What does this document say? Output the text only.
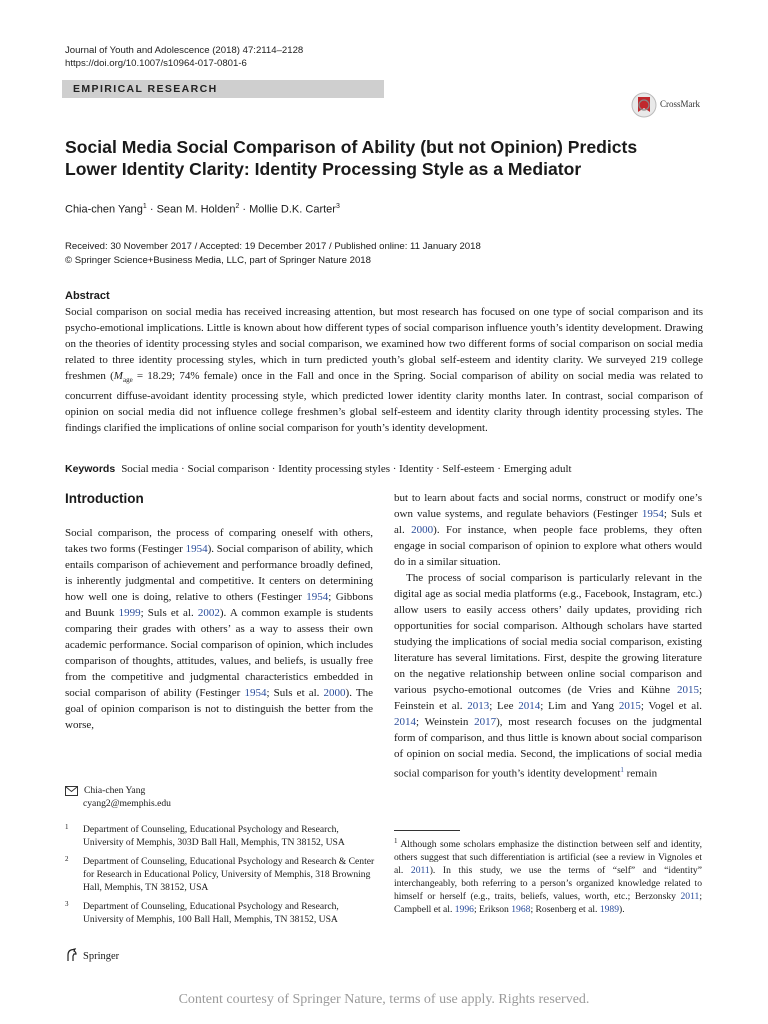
Journal of Youth and Adolescence (2018) 47:2114–2128
https://doi.org/10.1007/s10964-017-0801-6
EMPIRICAL RESEARCH
CrossMark
Social Media Social Comparison of Ability (but not Opinion) Predicts
Lower Identity Clarity: Identity Processing Style as a Mediator
Chia-chen Yang$^1$ · Sean M. Holden$^2$ · Mollie D.K. Carter$^3$
Received: 30 November 2017 / Accepted: 19 December 2017 / Published online: 11 January 2018
© Springer Science+Business Media, LLC, part of Springer Nature 2018
Abstract
Social comparison on social media has received increasing attention, but most research has focused on one type of social comparison and its psycho-emotional implications. Little is known about how different types of social comparison influence youth’s identity development. Drawing on the theories of identity processing styles and social comparison, we examined how two different forms of social comparison on social media related to three identity processing styles, which in turn predicted youth’s global self-esteem and identity clarity. We surveyed 219 college freshmen ($M_{age} = 18.29$; 74% female) once in the Fall and once in the Spring. Social comparison of ability on social media was related to concurrent diffuse-avoidant identity processing style, which predicted lower identity clarity months later. In contrast, social comparison of opinion on social media did not influence college freshmen’s global self-esteem and identity clarity through identity processing styles. The findings clarified the implications of online social comparison for youth’s identity development.
Keywords Social media · Social comparison · Identity processing styles · Identity · Self-esteem · Emerging adult
Introduction

Social comparison, the process of comparing oneself with others, takes two forms (Festinger 1954). Social comparison of ability, which entails comparison of achievement and performance broadly defined, is inherently judgmental and competitive. It centers on determining how well one is doing, relative to others (Festinger 1954; Gibbons and Buunk 1999; Suls et al. 2002). A common example is students comparing their grades with others’ as a way to assess their own academic performance. Social comparison of opinion, which includes comparison of thoughts, attitudes, values, and beliefs, is usually free from the competitive and judgmental characteristics embedded in social comparison of ability (Festinger 1954; Suls et al. 2000). The goal of opinion comparison is not to distinguish the better from the worse,

but to learn about facts and social norms, construct or modify one’s own value systems, and regulate behaviors (Festinger 1954; Suls et al. 2000). For instance, when people face problems, they often engage in social comparison of opinion to explore what others would do in a similar situation.

The process of social comparison is particularly relevant in the digital age as social media platforms (e.g., Facebook, Instagram, etc.) allow users to easily access others’ daily updates, providing rich opportunities for social comparison. Although scholars have started studying the implications of social media social comparison, existing literature has several limitations. First, despite the growing literature on the negative relationship between online social comparison and various psycho-emotional outcomes (de Vries and Kühne 2015; Feinstein et al. 2013; Lee 2014; Lim and Yang 2015; Vogel et al. 2014; Weinstein 2017), most research focuses on the judgmental form of comparison, and thus little is known about social comparison of opinion on social media. Second, the implications of social media social comparison for youth’s identity development$^1$ remain

Chia-chen Yang
cyang2@memphis.edu
1 Department of Counseling, Educational Psychology and Research, University of Memphis, 303D Ball Hall, Memphis, TN 38152, USA
2 Department of Counseling, Educational Psychology and Research & Center for Research in Educational Policy, University of Memphis, 318 Browning Hall, Memphis, TN 38152, USA
3 Department of Counseling, Educational Psychology and Research, University of Memphis, 100 Ball Hall, Memphis, TN 38152, USA
$^1$ Although some scholars emphasize the distinction between self and identity, others suggest that such differentiation is artificial (see a review in Vignoles et al. 2011). In this study, we use the terms of “self” and “identity” interchangeably, both referring to a person’s organized knowledge related to himself or herself (e.g., traits, beliefs, values, worth, etc.; Berzonsky 2011; Campbell et al. 1996; Erikson 1968; Rosenberg et al. 1989).
Springer
Content courtesy of Springer Nature, terms of use apply. Rights reserved.
